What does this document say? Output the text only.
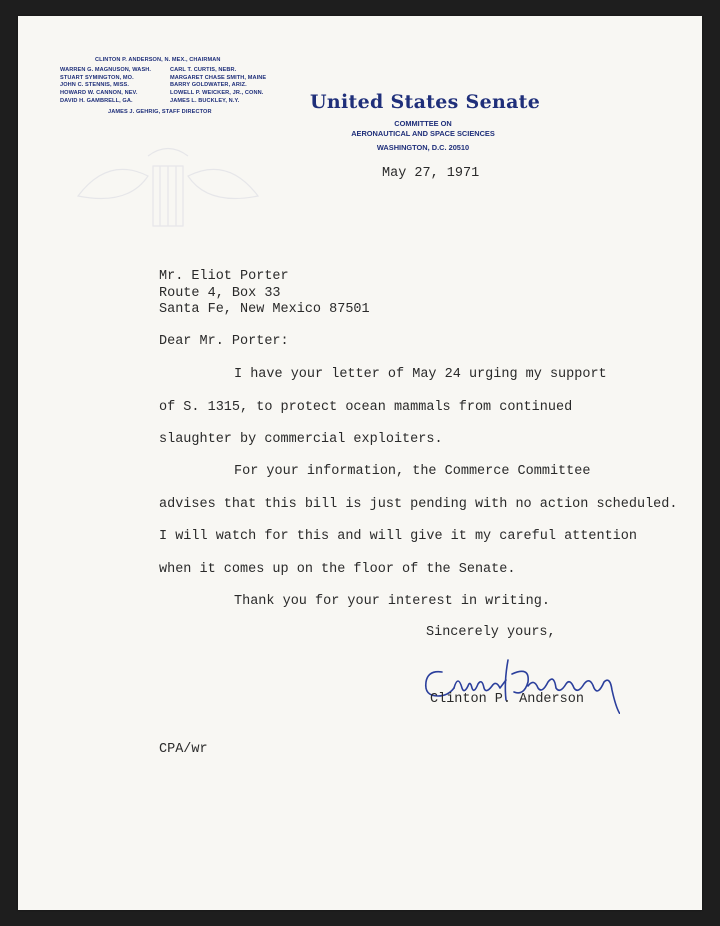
CLINTON P. ANDERSON, N. MEX., CHAIRMAN
WARREN G. MAGNUSON, WASH.
STUART SYMINGTON, MO.
JOHN C. STENNIS, MISS.
HOWARD W. CANNON, NEV.
DAVID H. GAMBRELL, GA.
CARL T. CURTIS, NEBR.
MARGARET CHASE SMITH, MAINE
BARRY GOLDWATER, ARIZ.
LOWELL P. WEICKER, JR., CONN.
JAMES L. BUCKLEY, N.Y.
JAMES J. GEHRIG, STAFF DIRECTOR	United States Senate
COMMITTEE ON
AERONAUTICAL AND SPACE SCIENCES
WASHINGTON, D.C. 20510
May 27, 1971
Mr. Eliot Porter
Route 4, Box 33
Santa Fe, New Mexico 87501
Dear Mr. Porter:
I have your letter of May 24 urging my support
of S. 1315, to protect ocean mammals from continued
slaughter by commercial exploiters.
For your information, the Commerce Committee
advises that this bill is just pending with no action scheduled.
I will watch for this and will give it my careful attention
when it comes up on the floor of the Senate.
Thank you for your interest in writing.
Sincerely yours,
Clinton P. Anderson
CPA/wr
